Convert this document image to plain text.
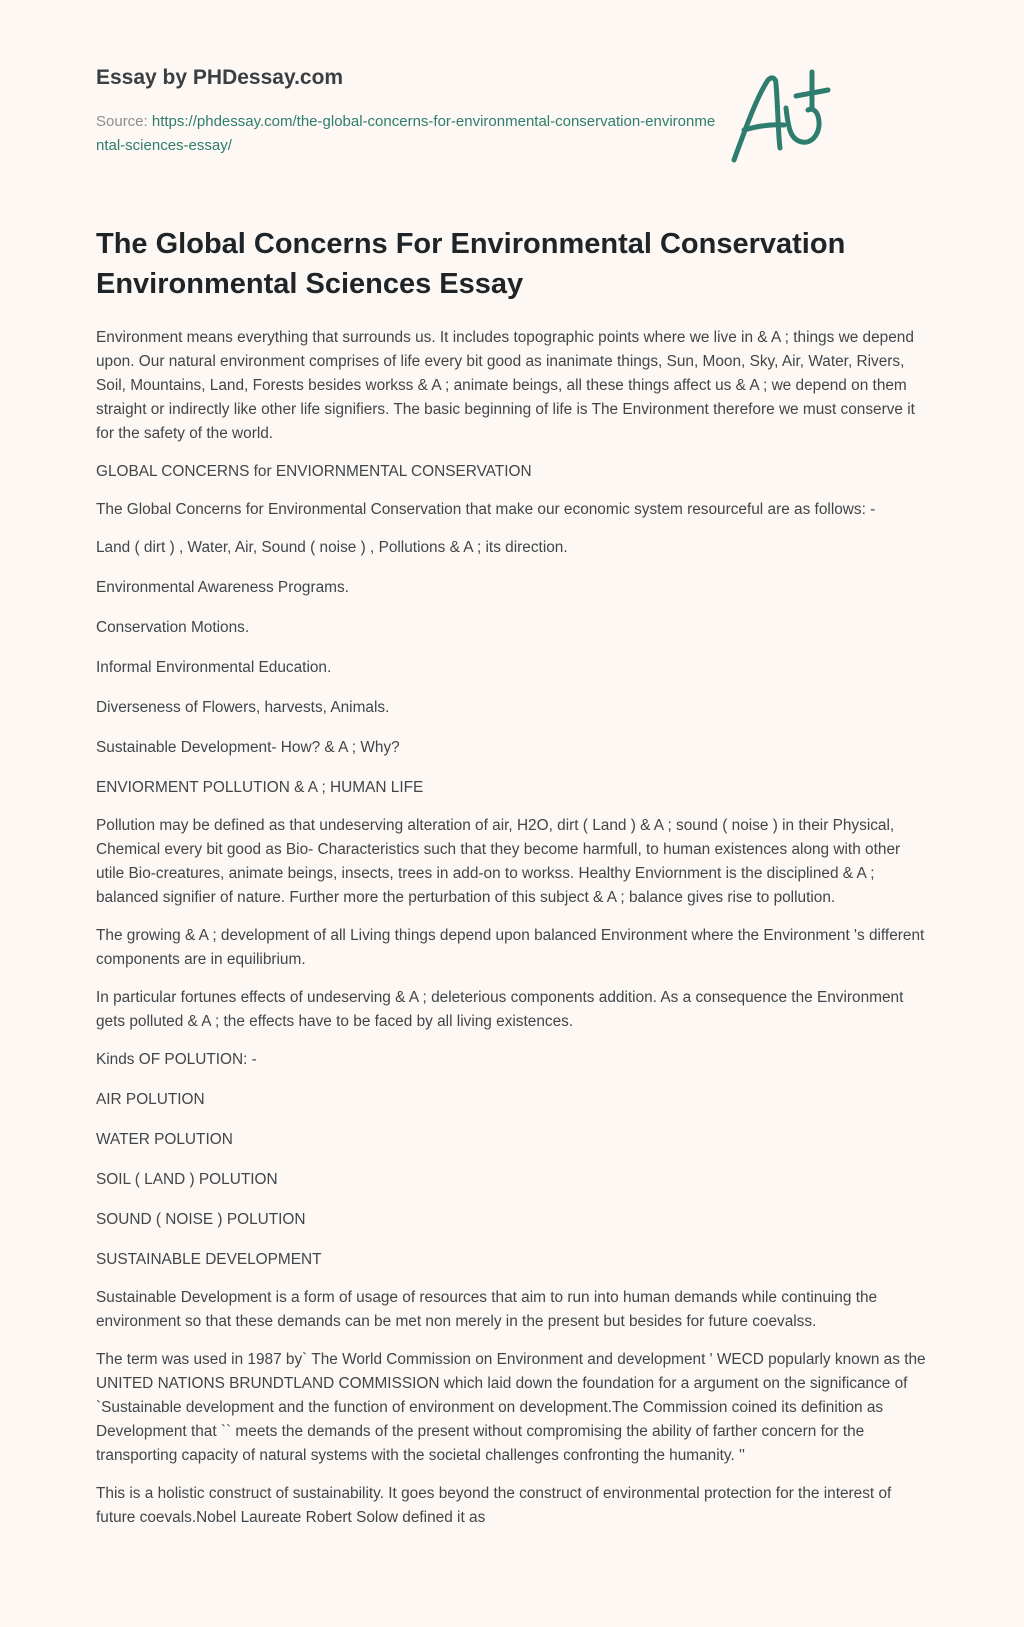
Essay by PHDessay.com

Source: https://phdessay.com/the-global-concerns-for-environmental-conservation-environmental-sciences-essay/
The Global Concerns For Environmental Conservation Environmental Sciences Essay

Environment means everything that surrounds us. It includes topographic points where we live in & A ; things we depend upon. Our natural environment comprises of life every bit good as inanimate things, Sun, Moon, Sky, Air, Water, Rivers, Soil, Mountains, Land, Forests besides workss & A ; animate beings, all these things affect us & A ; we depend on them straight or indirectly like other life signifiers. The basic beginning of life is The Environment therefore we must conserve it for the safety of the world.

GLOBAL CONCERNS for ENVIORNMENTAL CONSERVATION

The Global Concerns for Environmental Conservation that make our economic system resourceful are as follows: -

Land ( dirt ) , Water, Air, Sound ( noise ) , Pollutions & A ; its direction.

Environmental Awareness Programs.

Conservation Motions.

Informal Environmental Education.

Diverseness of Flowers, harvests, Animals.

Sustainable Development- How? & A ; Why?

ENVIORMENT POLLUTION & A ; HUMAN LIFE

Pollution may be defined as that undeserving alteration of air, H2O, dirt ( Land ) & A ; sound ( noise ) in their Physical, Chemical every bit good as Bio- Characteristics such that they become harmfull, to human existences along with other utile Bio-creatures, animate beings, insects, trees in add-on to workss. Healthy Enviornment is the disciplined & A ; balanced signifier of nature. Further more the perturbation of this subject & A ; balance gives rise to pollution.

The growing & A ; development of all Living things depend upon balanced Environment where the Environment 's different components are in equilibrium.

In particular fortunes effects of undeserving & A ; deleterious components addition. As a consequence the Environment gets polluted & A ; the effects have to be faced by all living existences.

Kinds OF POLUTION: -

AIR POLUTION

WATER POLUTION

SOIL ( LAND ) POLUTION

SOUND ( NOISE ) POLUTION

SUSTAINABLE DEVELOPMENT

Sustainable Development is a form of usage of resources that aim to run into human demands while continuing the environment so that these demands can be met non merely in the present but besides for future coevalss.

The term was used in 1987 by` The World Commission on Environment and development ' WECD popularly known as the UNITED NATIONS BRUNDTLAND COMMISSION which laid down the foundation for a argument on the significance of `Sustainable development and the function of environment on development.The Commission coined its definition as Development that `` meets the demands of the present without compromising the ability of farther concern for the transporting capacity of natural systems with the societal challenges confronting the humanity. ''

This is a holistic construct of sustainability. It goes beyond the construct of environmental protection for the interest of future coevals.Nobel Laureate Robert Solow defined it as
